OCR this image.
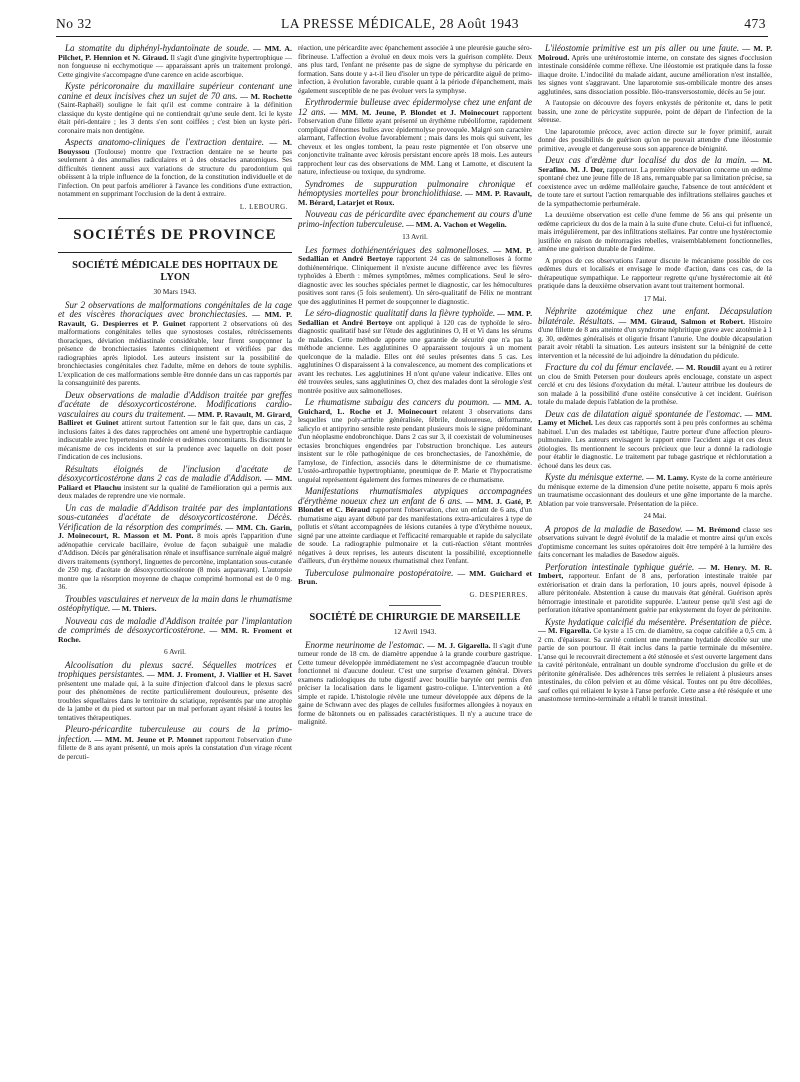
No 32	LA PRESSE MÉDICALE, 28 Août 1943	473

La stomatite du diphényl-hydantoïnate de soude. — MM. A. Pilchet, P. Hennion et N. Giraud. Il s'agit d'une gingivite hypertrophique — non fongueuse ni ecchymotique — apparaissant après un traitement prolongé. Cette gingivite s'accompagne d'une carence en acide ascorbique.

Kyste péricoronaire du maxillaire supérieur contenant une canine et deux incisives chez un sujet de 70 ans. — M. Rochette (Saint-Raphaël) souligne le fait qu'il est comme contraire à la définition classique du kyste dentigène qui ne contiendrait qu'une seule dent. Ici le kyste était péri-dentaire ; les 3 dents s'en sont coiffées ; c'est bien un kyste péri-coronaire mais non dentigène.

Aspects anatomo-cliniques de l'extraction dentaire. — M. Bouyssou (Toulouse) montre que l'extraction dentaire ne se heurte pas seulement à des anomalies radiculaires et à des obstacles anatomiques. Ses difficultés tiennent aussi aux variations de structure du parodontium qui obéissent à la triple influence de la fonction, de la constitution individuelle et de l'infection. On peut parfois améliorer à l'avance les conditions d'une extraction, notamment en supprimant l'occlusion de la dent à extraire.

L. LEBOURG.
SOCIÉTÉS DE PROVINCE
SOCIÉTÉ MÉDICALE DES HOPITAUX DE LYON
30 Mars 1943.

Sur 2 observations de malformations congénitales de la cage et des viscères thoraciques avec bronchiectasies. — MM. P. Ravault, G. Despierres et P. Guinet rapportent 2 observations où des malformations congénitales telles que synostoses costales, rétrécissements thoraciques, déviation médiastinale considérable, leur firent soupçonner la présence de bronchiectasies latentes cliniquement et vérifiées par des radiographies après lipiodol. Les auteurs insistent sur la possibilité de bronchiectasies congénitales chez l'adulte, même en dehors de toute syphilis. L'explication de ces malformations semble être donnée dans un cas rapportés par la consanguinité des parents.

Deux observations de maladie d'Addison traitée par greffes d'acétate de désoxycorticostérone. Modifications cardio-vasculaires au cours du traitement. — MM. P. Ravault, M. Girard, Balliret et Guinet attirent surtout l'attention sur le fait que, dans un cas, 2 inclusions faites à des dates rapprochées ont amené une hypertrophie cardiaque indiscutable avec hypertension modérée et œdèmes concomitants. Ils discutent le mécanisme de ces incidents et sur la prudence avec laquelle on doit poser l'indication de ces inclusions.

Résultats éloignés de l'inclusion d'acétate de désoxycorticostérone dans 2 cas de maladie d'Addison. — MM. Paliard et Plauchu insistent sur la qualité de l'amélioration qui a permis aux deux malades de reprendre une vie normale.

Un cas de maladie d'Addison traitée par des implantations sous-cutanées d'acétate de désoxycorticostérone. Décès. Vérification de la résorption des comprimés. — MM. Ch. Garin, J. Moinecourt, R. Masson et M. Pont. 8 mois après l'apparition d'une adénopathie cervicale bacillaire, évolue de façon subaiguë une maladie d'Addison. Décès par généralisation rénale et insuffisance surrénale aiguë malgré divers traitements (synthoryl, linguettes de percortène, implantation sous-cutanée de 250 mg. d'acétate de désoxycorticostérone (8 mois auparavant). L'autopsie montre que la résorption moyenne de chaque comprimé hormonal est de 0 mg. 36.

Troubles vasculaires et nerveux de la main dans le rhumatisme ostéophytique. — M. Thiers.

Nouveau cas de maladie d'Addison traitée par l'implantation de comprimés de désoxycorticostérone. — MM. R. Froment et Roche.

6 Avril.

Alcoolisation du plexus sacré. Séquelles motrices et trophiques persistantes. — MM. J. Froment, J. Viallier et H. Savet présentent une malade qui, à la suite d'injection d'alcool dans le plexus sacré pour des phénomènes de rectite particulièrement douloureux, présente des troubles séquellaires dans le territoire du sciatique, représentés par une atrophie de la jambe et du pied et surtout par un mal perforant ayant résisté à toutes les tentatives thérapeutiques.

Pleuro-péricardite tuberculeuse au cours de la primo-infection. — MM. M. Jeune et P. Monnet rapportent l'observation d'une fillette de 8 ans ayant présenté, un mois après la constatation d'un virage récent de percuti-

réaction, une péricardite avec épanchement associée à une pleurésie gauche séro-fibrineuse. L'affection a évolué en deux mois vers la guérison complète. Deux ans plus tard, l'enfant ne présente pas de signe de symphyse du péricarde en formation. Sans doute y a-t-il lieu d'isoler un type de péricardite aiguë de primo-infection, à évolution favorable, curable quant à la période d'épanchement, mais également susceptible de ne pas évoluer vers la symphyse.

Erythrodermie bulleuse avec épidermolyse chez une enfant de 12 ans. — MM. M. Jeune, P. Blondet et J. Moinecourt rapportent l'observation d'une fillette ayant présenté un érythème rubéoliforme, rapidement compliqué d'énormes bulles avec épidermolyse provoquée. Malgré son caractère alarmant, l'affection évolue favorablement ; mais dans les mois qui suivent, les cheveux et les ongles tombent, la peau reste pigmentée et l'on observe une conjonctivite traînante avec kérosis persistant encore après 18 mois. Les auteurs rapprochent leur cas des observations de MM. Lang et Lamotte, et discutent la nature, infectieuse ou toxique, du syndrome.

Syndromes de suppuration pulmonaire chronique et hémoptysies mortelles pour bronchiolithiase. — MM. P. Ravault, M. Bérard, Latarjet et Roux.

Nouveau cas de péricardite avec épanchement au cours d'une primo-infection tuberculeuse. — MM. A. Vachon et Wegelin.

13 Avril.

Les formes dothiénentériques des salmonelloses. — MM. P. Sedallian et André Bertoye rapportent 24 cas de salmonelloses à forme dothiénentérique. Cliniquement il n'existe aucune différence avec les fièvres typhoïdes à Eberth : mêmes symptômes, mêmes complications. Seul le séro-diagnostic avec les souches spéciales permet le diagnostic, car les hémocultures positives sont rares (5 fois seulement). Un séro-qualitatif de Félix ne montrant que des agglutinines H permet de soupçonner le diagnostic.

Le séro-diagnostic qualitatif dans la fièvre typhoïde. — MM. P. Sedallian et André Bertoye ont appliqué à 120 cas de typhoïde le séro-diagnostic qualitatif basé sur l'étude des agglutinines O, H et Vi dans les sérums de malades. Cette méthode apporte une garantie de sécurité que n'a pas la méthode ancienne. Les agglutinines O apparaissent toujours à un moment quelconque de la maladie. Elles ont été seules présentes dans 5 cas. Les agglutinines O disparaissent à la convalescence, au moment des complications et avant les rechutes. Les agglutinines H n'ont qu'une valeur indicative. Elles ont été trouvées seules, sans agglutinines O, chez des malades dont la sérologie s'est montrée positive aux salmonelloses.

Le rhumatisme subaigu des cancers du poumon. — MM. A. Guichard, L. Roche et J. Moinecourt relatent 3 observations dans lesquelles une poly-arthrite généralisée, fébrile, douloureuse, déformante, salicylo et antipyrino sensible reste pendant plusieurs mois le signe prédominant d'un néoplasme endobronchique. Dans 2 cas sur 3, il coexistait de volumineuses ectasies bronchiques engendrées par l'obstruction bronchique. Les auteurs insistent sur le rôle pathogénique de ces bronchectasies, de l'anoxhémie, de l'amylose, de l'infection, associés dans le déterminisme de ce rhumatisme. L'ostéo-arthropathie hypertrophiante, pneumique de P. Marie et l'hypocratisme unguéal représentent également des formes mineures de ce rhumatisme.

Manifestations rhumatismales atypiques accompagnées d'érythème noueux chez un enfant de 6 ans. — MM. J. Gaté, P. Blondet et C. Béraud rapportent l'observation, chez un enfant de 6 ans, d'un rhumatisme aigu ayant débuté par des manifestations extra-articulaires à type de pollutis et s'étant accompagnées de lésions cutanées à type d'érythème noueux, signé par une atteinte cardiaque et l'efficacité remarquable et rapide du salycilate de soude. La radiographie pulmonaire et la cuti-réaction s'étant montrées négatives à deux reprises, les auteurs discutent la possibilité, exceptionnelle d'ailleurs, d'un érythème noueux rhumatismal chez l'enfant.

Tuberculose pulmonaire postopératoire. — MM. Guichard et Brun.

G. DESPIERRES.
SOCIÉTÉ DE CHIRURGIE DE MARSEILLE
12 Avril 1943.

Enorme neurinome de l'estomac. — M. J. Gigarella. Il s'agit d'une tumeur ronde de 18 cm. de diamètre appendue à la grande courbure gastrique. Cette tumeur développée immédiatement ne s'est accompagnée d'aucun trouble fonctionnel ni d'aucune douleur. C'est une surprise d'examen général. Divers examens radiologiques du tube digestif avec bouillie barytée ont permis d'en préciser la localisation dans le ligament gastro-colique. L'intervention a été simple et rapide. L'histologie révèle une tumeur développée aux dépens de la gaine de Schwann avec des plages de cellules fusiformes allongées à noyaux en forme de bâtonnets ou en palissades caractéristiques. Il n'y a aucune trace de malignité.

L'iléostomie primitive est un pis aller ou une faute. — M. P. Moiroud. Après une urétérostomie interne, on constate des signes d'occlusion intestinale considérée comme réflexe. Une iléostomie est pratiquée dans la fosse iliaque droite. L'indocilité du malade aidant, aucune amélioration n'est installée, les signes vont s'aggravant. Une laparotomie sus-ombilicale montre des anses agglutinées, sans dissociation possible. Iléo-transversostomie, décès au 5e jour.

A l'autopsie on découvre des foyers enkystés de péritonite et, dans le petit bassin, une zone de péricystite suppurée, point de départ de l'infection de la séreuse.

Une laparotomie précoce, avec action directe sur le foyer primitif, aurait donné des possibilités de guérison qu'on ne pouvait attendre d'une iléostomie primitive, aveugle et dangereuse sous son apparence de bénignité.

Deux cas d'œdème dur localisé du dos de la main. — M. Serafino. M. J. Dor, rapporteur. La première observation concerne un œdème spontané chez une jeune fille de 18 ans, remarquable par sa limitation précise, sa coexistence avec un œdème malléolaire gauche, l'absence de tout antécédent et de toute tare et surtout l'action remarquable des infiltrations stellaires gauches et de la sympathectomie perhumérale.

La deuxième observation est celle d'une femme de 56 ans qui présente un œdème capricieux du dos de la main à la suite d'une chute. Celui-ci fut influencé, mais irrégulièrement, par des infiltrations stellaires. Par contre une hystérectomie justifiée en raison de métrorragies rebelles, vraisemblablement fonctionnelles, amène une guérison durable de l'œdème.

A propos de ces observations l'auteur discute le mécanisme possible de ces œdèmes durs et localisés et envisage le mode d'action, dans ces cas, de la thérapeutique sympathique. Le rapporteur regrette qu'une hystérectomie ait été pratiquée dans la deuxième observation avant tout traitement hormonal.

17 Mai.

Néphrite azotémique chez une enfant. Décapsulation bilatérale. Résultats. — MM. Giraud, Salmon et Robert. Histoire d'une fillette de 8 ans atteinte d'un syndrome néphritique grave avec azotémie à 1 g. 30, œdèmes généralisés et oligurie frisant l'anurie. Une double décapsulation parait avoir rétabli la situation. Les auteurs insistent sur la bénignité de cette intervention et la nécessité de lui adjoindre la dénudation du pédicule.

Fracture du col du fémur enclavée. — M. Roudil ayant eu à retirer un clou de Smith Petersen pour douleurs après enclouage, constate un aspect cerclé et cru des lésions d'oxydation du métal. L'auteur attribue les douleurs de son malade à la possibilité d'une ostéite consécutive à cet incident. Guérison totale du malade depuis l'ablation de la prothèse.

Deux cas de dilatation aiguë spontanée de l'estomac. — MM. Lamy et Michel. Les deux cas rapportés sont à peu près conformes au schéma habituel. L'un des malades est tabétique, l'autre porteur d'une affection pleuro-pulmonaire. Les auteurs envisagent le rapport entre l'accident aigu et ces deux étiologies. Ils mentionnent le secours précieux que leur a donné la radiologie pour établir le diagnostic. Le traitement par tubage gastrique et réchlorutation a échoué dans les deux cas.

Kyste du ménisque externe. — M. Lamy. Kyste de la corne antérieure du ménisque externe de la dimension d'une petite noisette, apparu 6 mois après un traumatisme occasionnant des douleurs et une gêne importante de la marche. Ablation par voie transversale. Présentation de la pièce.

24 Mai.

A propos de la maladie de Basedow. — M. Brémond classe ses observations suivant le degré évolutif de la maladie et montre ainsi qu'un excès d'optimisme concernant les suites opératoires doit être tempéré à la lumière des faits concernant les maladies de Basedow aiguës.

Perforation intestinale typhique guérie. — M. Henry. M. R. Imbert, rapporteur. Enfant de 8 ans, perforation intestinale traitée par extériorisation et drain dans la perforation, 10 jours après, nouvel épisode à allure péritonéale. Abstention à cause du mauvais état général. Guérison après hémorragie intestinale et parotidite suppurée. L'auteur pense qu'il s'est agi de perforation itérative spontanément guérie par enkystement du foyer de péritonite.

Kyste hydatique calcifié du mésentère. Présentation de pièce. — M. Figarella. Ce kyste a 15 cm. de diamètre, sa coque calcifiée a 0,5 cm. à 2 cm. d'épaisseur. Sa cavité contient une membrane hydatide décollée sur une partie de son pourtour. Il était inclus dans la partie terminale du mésentère. L'anse qui le recouvrait directement a été sténosée et s'est ouverte largement dans la cavité péritonéale, entraînant un double syndrome d'occlusion du grêle et de péritonite généralisée. Des adhérences très serrées le reliaient à plusieurs anses intestinales, du côlon pelvien et au dôme vésical. Toutes ont pu être décollées, sauf celles qui reliaient le kyste à l'anse perforée. Cette anse a été réséquée et une anastomose termino-terminale a rétabli le transit intestinal.
